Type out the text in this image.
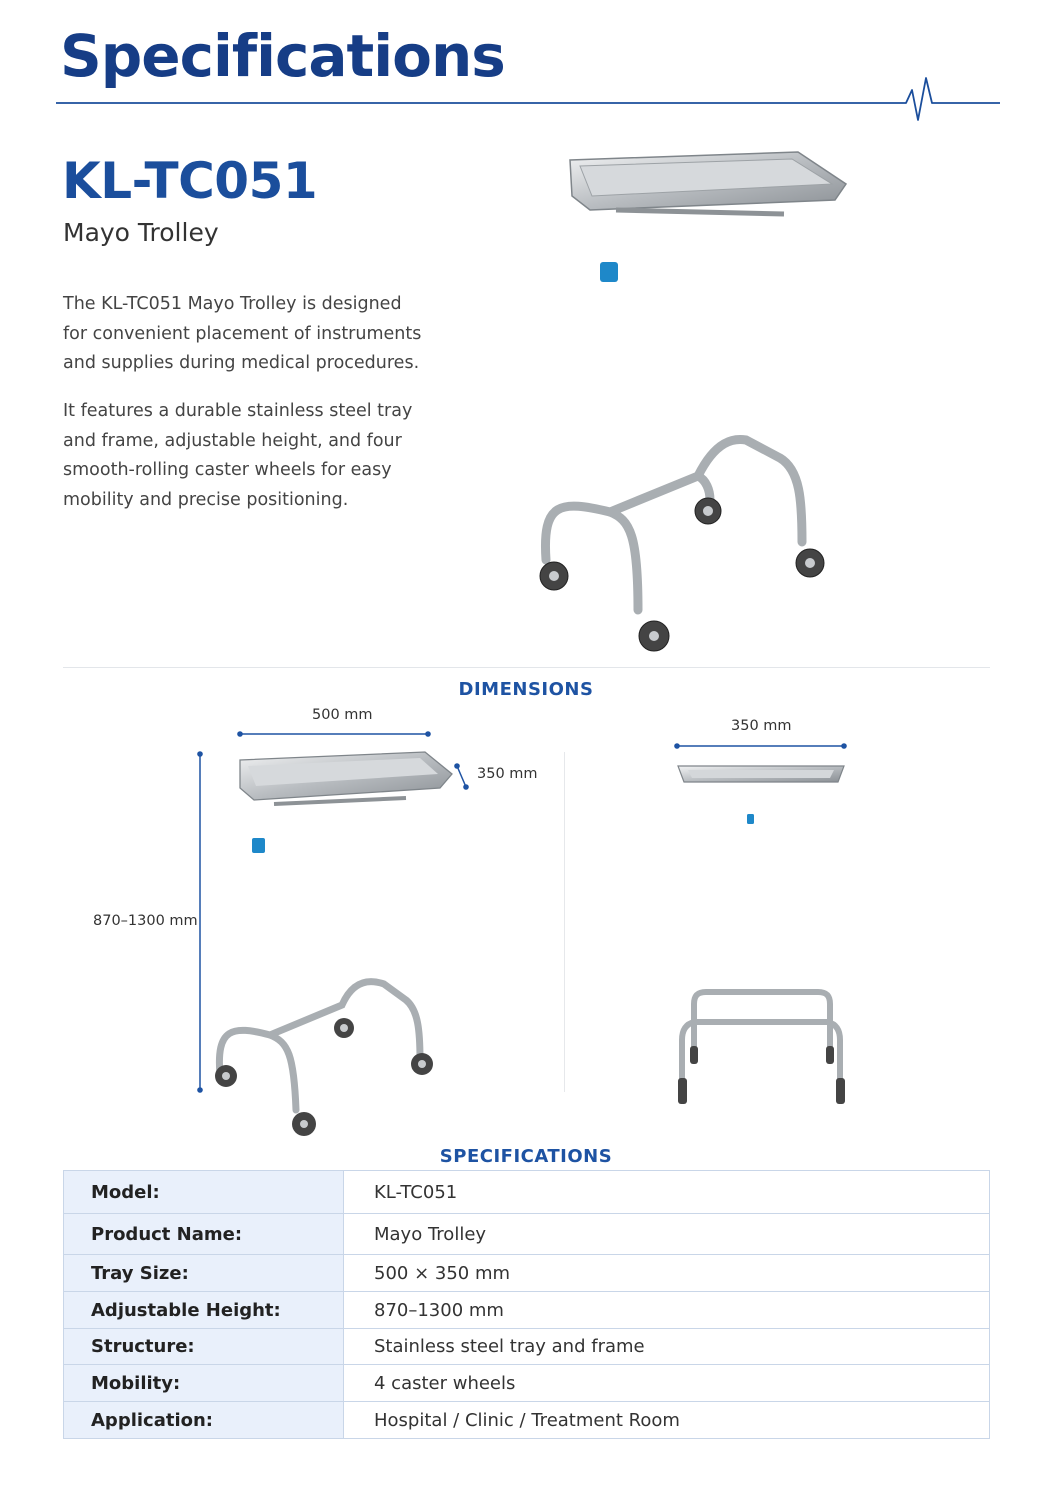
Specifications
KL-TC051
Mayo Trolley
The KL-TC051 Mayo Trolley is designed for convenient placement of instruments and supplies during medical procedures.
It features a durable stainless steel tray and frame, adjustable height, and four smooth-rolling caster wheels for easy mobility and precise positioning.
DIMENSIONS
500 mm
350 mm
870–1300 mm
350 mm
SPECIFICATIONS
Model:	KL-TC051
Product Name:	Mayo Trolley
Tray Size:	500 × 350 mm
Adjustable Height:	870–1300 mm
Structure:	Stainless steel tray and frame
Mobility:	4 caster wheels
Application:	Hospital / Clinic / Treatment Room
